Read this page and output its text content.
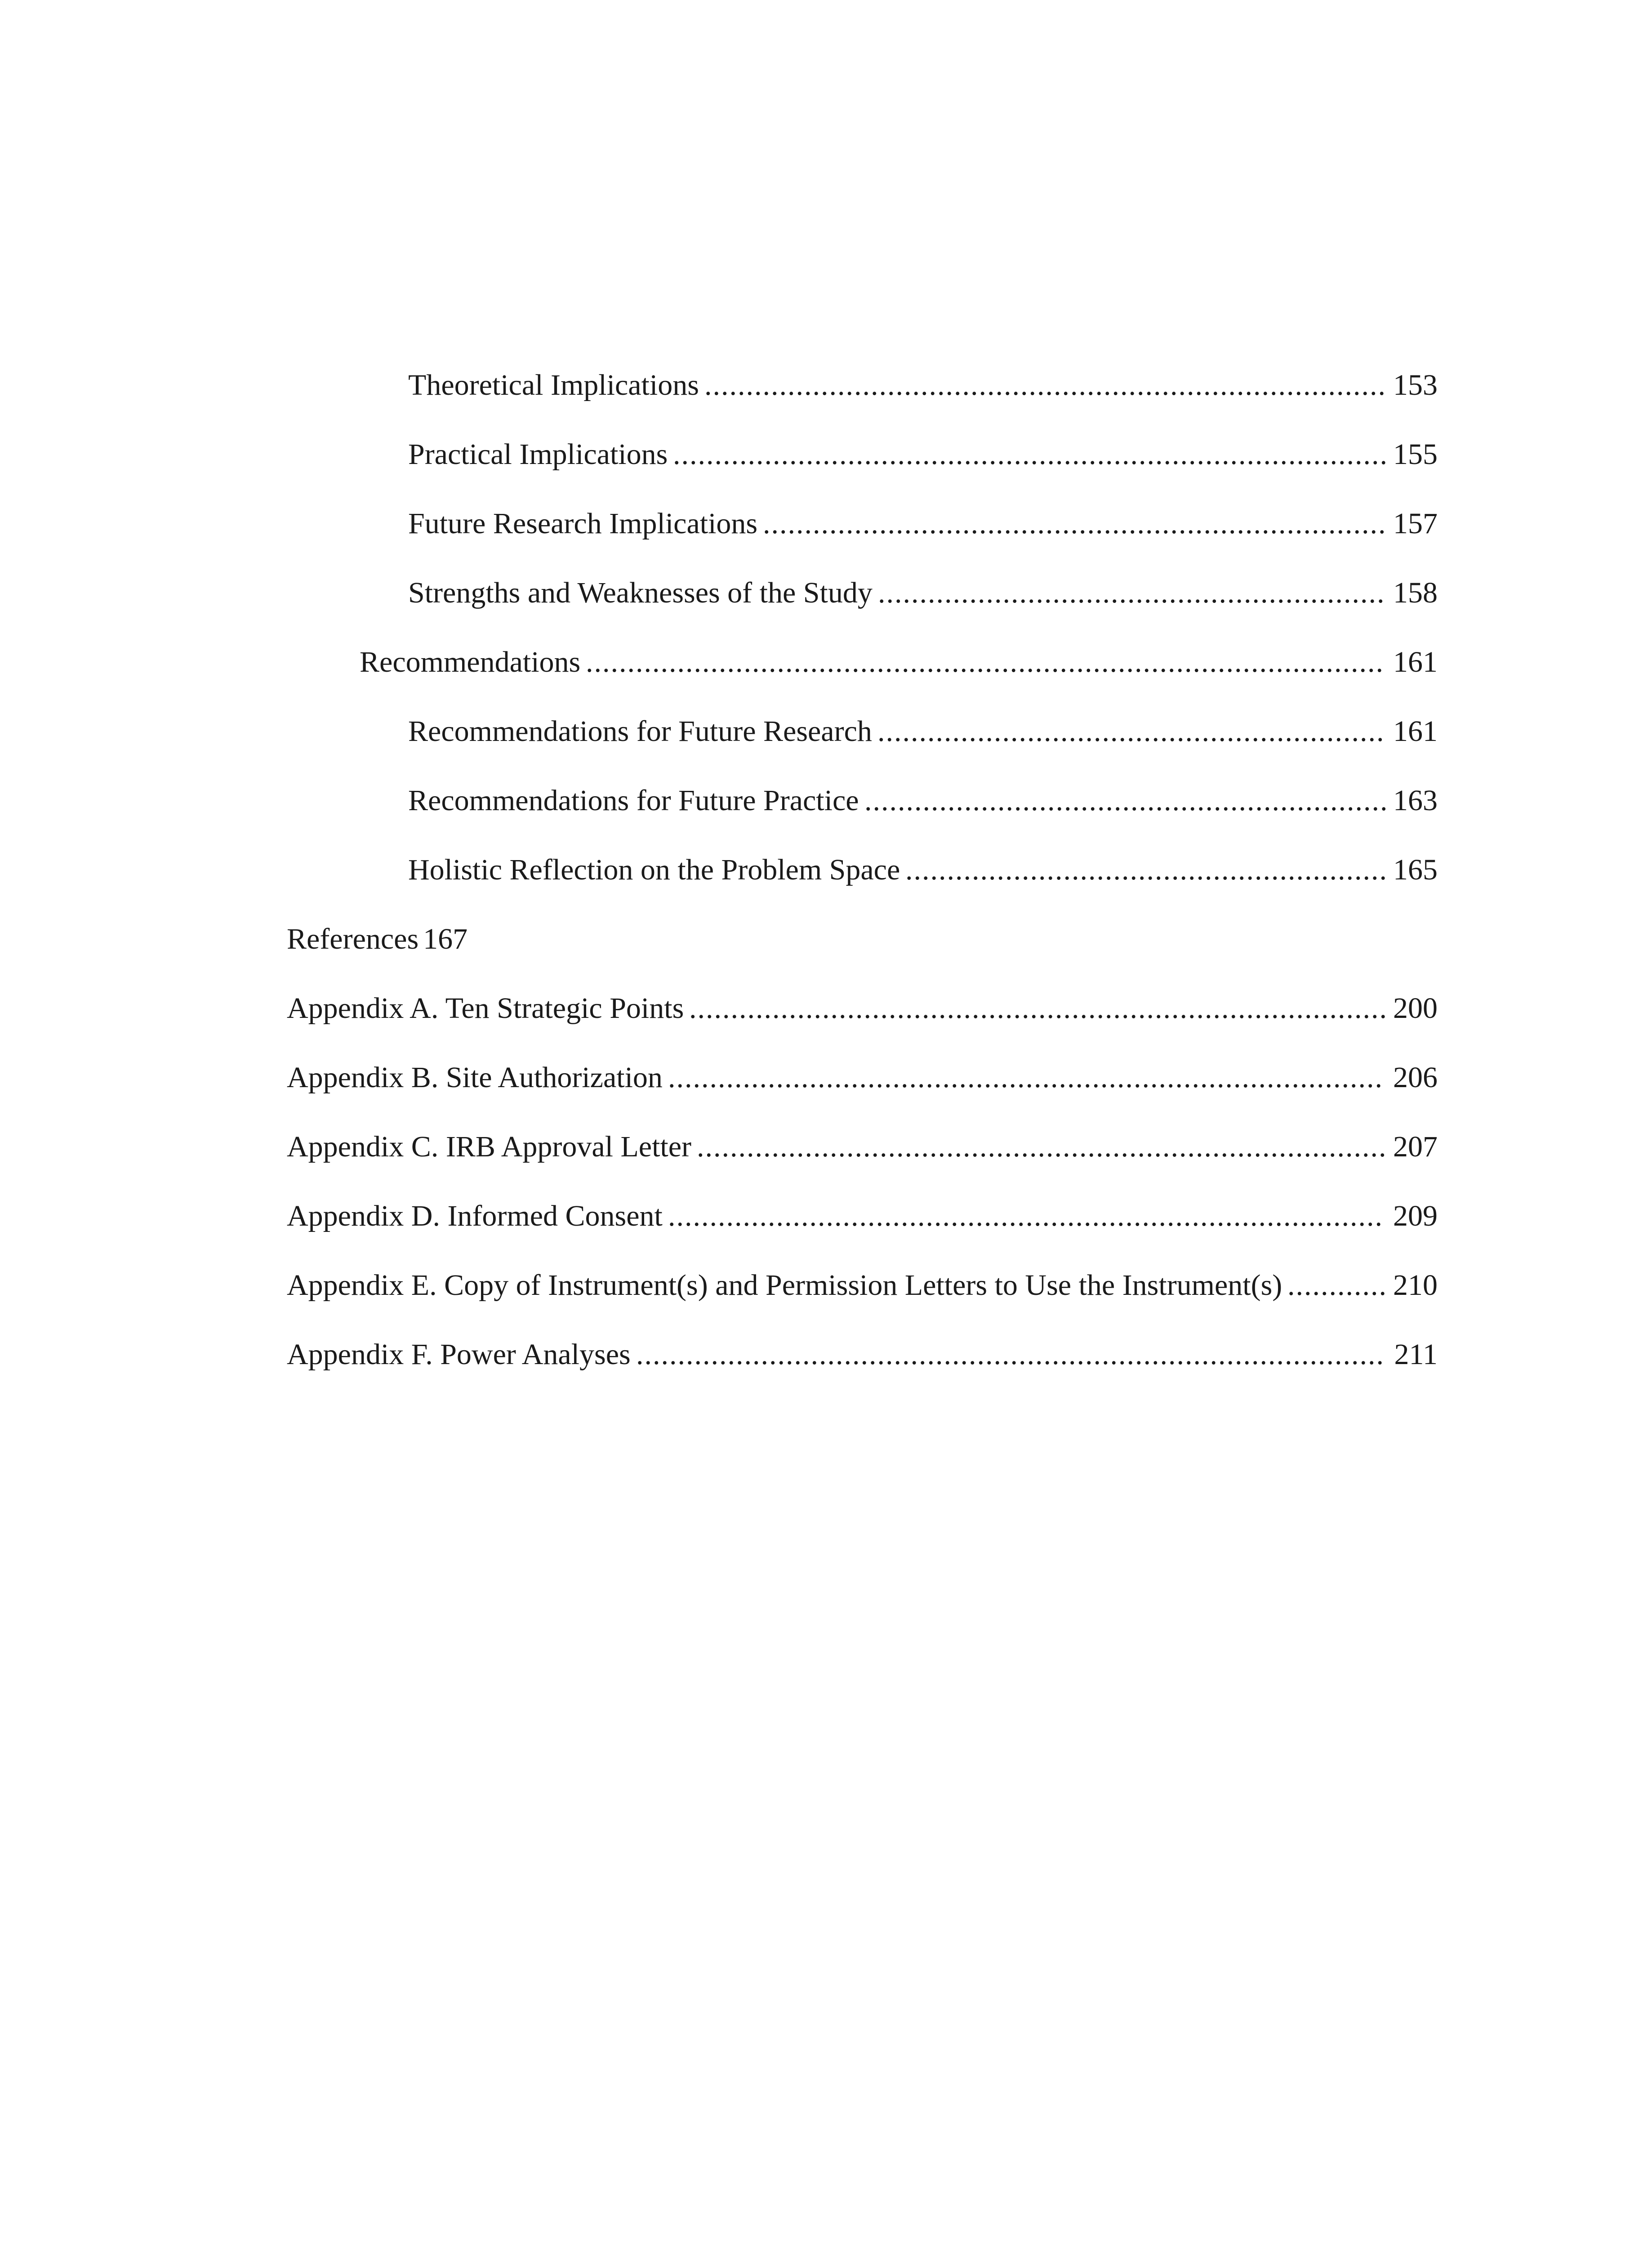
Theoretical Implications .................................................................................. 153
Practical Implications ...................................................................................... 155
Future Research Implications ........................................................................... 157
Strengths and Weaknesses of the Study ............................................................. 158
Recommendations ................................................................................................ 161
Recommendations for Future Research ............................................................. 161
Recommendations for Future Practice ............................................................... 163
Holistic Reflection on the Problem Space .......................................................... 165
References 167
Appendix A. Ten Strategic Points .................................................................................... 200
Appendix B. Site Authorization ...................................................................................... 206
Appendix C. IRB Approval Letter ................................................................................... 207
Appendix D. Informed Consent ...................................................................................... 209
Appendix E. Copy of Instrument(s) and Permission Letters to Use the Instrument(s) ............ 210
Appendix F. Power Analyses .......................................................................................... 211
